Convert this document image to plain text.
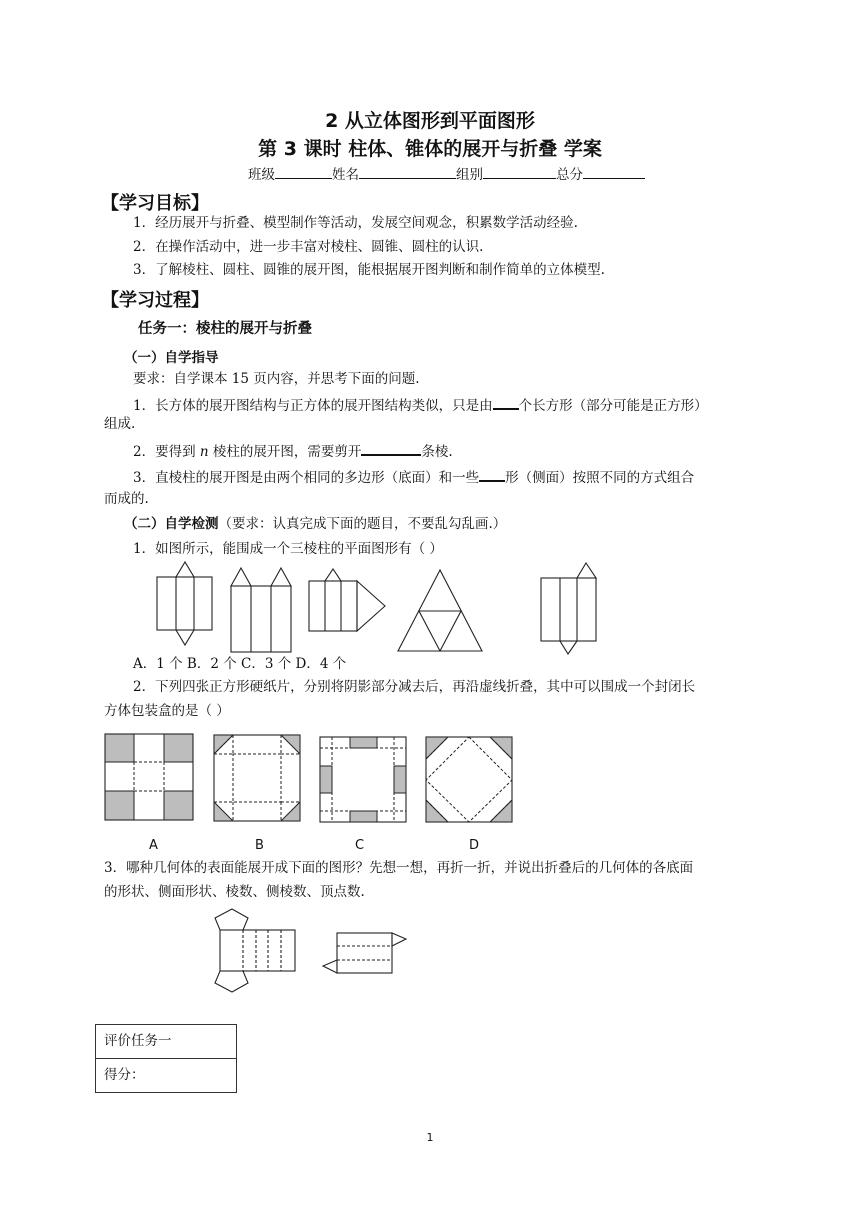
2 从立体图形到平面图形
第 3 课时 柱体、锥体的展开与折叠 学案
班级	姓名	组别	总分
【学习目标】
1．经历展开与折叠、模型制作等活动，发展空间观念，积累数学活动经验.
2．在操作活动中，进一步丰富对棱柱、圆锥、圆柱的认识.
3．了解棱柱、圆柱、圆锥的展开图，能根据展开图判断和制作简单的立体模型.
【学习过程】
任务一：棱柱的展开与折叠
（一）自学指导
要求：自学课本 15 页内容，并思考下面的问题.
1．长方体的展开图结构与正方体的展开图结构类似，只是由 个长方形（部分可能是正方形）
组成.
2．要得到 n 棱柱的展开图，需要剪开	条棱.
3．直棱柱的展开图是由两个相同的多边形（底面）和一些 形（侧面）按照不同的方式组合
而成的.
（二）自学检测（要求：认真完成下面的题目，不要乱勾乱画.）
1．如图所示，能围成一个三棱柱的平面图形有（ ）
A．1 个 B．2 个 C．3 个 D．4 个
2．下列四张正方形硬纸片，分别将阴影部分减去后，再沿虚线折叠，其中可以围成一个封闭长
方体包装盒的是（ ）
A	B	C	D
3．哪种几何体的表面能展开成下面的图形？先想一想，再折一折，并说出折叠后的几何体的各底面
的形状、侧面形状、棱数、侧棱数、顶点数.
评价任务一
得分：
1
